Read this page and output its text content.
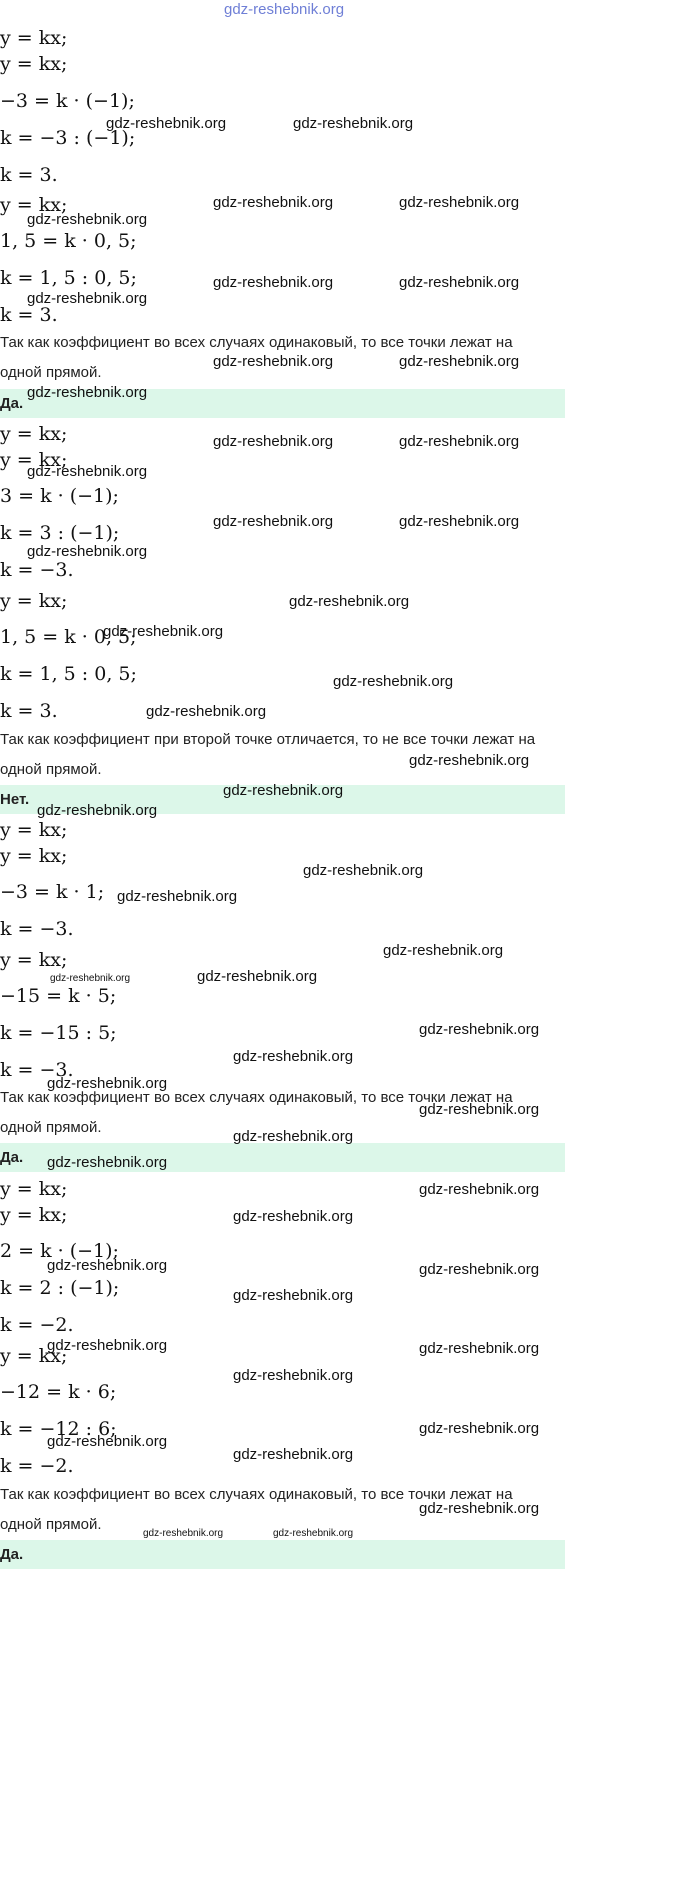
gdz-reshebnik.org
y = kx;
y = kx;
−3 = k · (−1);
k = −3 : (−1);
k = 3.
y = kx;
1, 5 = k · 0, 5;
k = 1, 5 : 0, 5;
k = 3.
Так как коэффициент во всех случаях одинаковый, то все точки лежат на
одной прямой.
Да.
y = kx;
y = kx;
3 = k · (−1);
k = 3 : (−1);
k = −3.
y = kx;
1, 5 = k · 0, 5;
k = 1, 5 : 0, 5;
k = 3.
Так как коэффициент при второй точке отличается, то не все точки лежат на
одной прямой.
Нет.
y = kx;
y = kx;
−3 = k · 1;
k = −3.
y = kx;
−15 = k · 5;
k = −15 : 5;
k = −3.
Так как коэффициент во всех случаях одинаковый, то все точки лежат на
одной прямой.
Да.
y = kx;
y = kx;
2 = k · (−1);
k = 2 : (−1);
k = −2.
y = kx;
−12 = k · 6;
k = −12 : 6;
k = −2.
Так как коэффициент во всех случаях одинаковый, то все точки лежат на
одной прямой.
Да.
gdz-reshebnik.org	gdz-reshebnik.org
gdz-reshebnik.org	gdz-reshebnik.org
gdz-reshebnik.org
gdz-reshebnik.org	gdz-reshebnik.org
gdz-reshebnik.org
gdz-reshebnik.org	gdz-reshebnik.org
gdz-reshebnik.org
gdz-reshebnik.org	gdz-reshebnik.org
gdz-reshebnik.org
gdz-reshebnik.org	gdz-reshebnik.org
gdz-reshebnik.org
gdz-reshebnik.org
gdz-reshebnik.org
gdz-reshebnik.org
gdz-reshebnik.org
gdz-reshebnik.org
gdz-reshebnik.org
gdz-reshebnik.org
gdz-reshebnik.org
gdz-reshebnik.org
gdz-reshebnik.org
gdz-reshebnik.org	gdz-reshebnik.org
gdz-reshebnik.org
gdz-reshebnik.org
gdz-reshebnik.org
gdz-reshebnik.org
gdz-reshebnik.org
gdz-reshebnik.org
gdz-reshebnik.org
gdz-reshebnik.org
gdz-reshebnik.org	gdz-reshebnik.org
gdz-reshebnik.org
gdz-reshebnik.org	gdz-reshebnik.org
gdz-reshebnik.org
gdz-reshebnik.org
gdz-reshebnik.org
gdz-reshebnik.org
gdz-reshebnik.org
gdz-reshebnik.org	gdz-reshebnik.org
